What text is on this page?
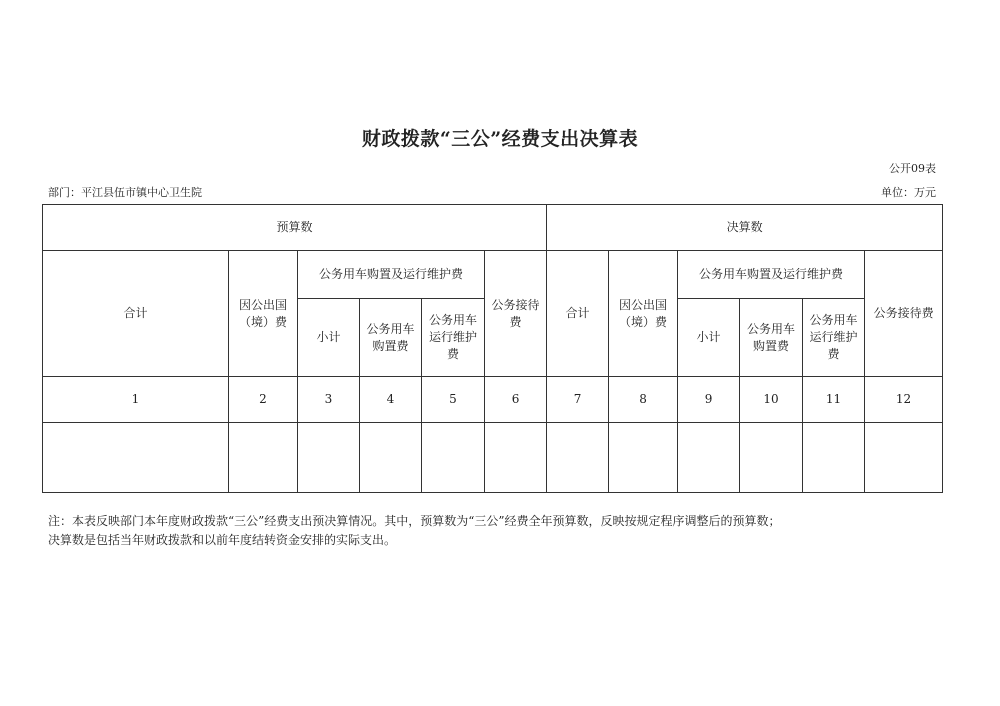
财政拨款“三公”经费支出决算表
公开09表
部门：平江县伍市镇中心卫生院	单位：万元
预算数						决算数					
合计	因公出国（境）费	公务用车购置及运行维护费			公务接待费	合计	因公出国（境）费	公务用车购置及运行维护费			公务接待费
		小计	公务用车购置费	公务用车运行维护费				小计	公务用车购置费	公务用车运行维护费	
1	2	3	4	5	6	7	8	9	10	11	12

注：本表反映部门本年度财政拨款“三公”经费支出预决算情况。其中，预算数为“三公”经费全年预算数，反映按规定程序调整后的预算数；
决算数是包括当年财政拨款和以前年度结转资金安排的实际支出。
